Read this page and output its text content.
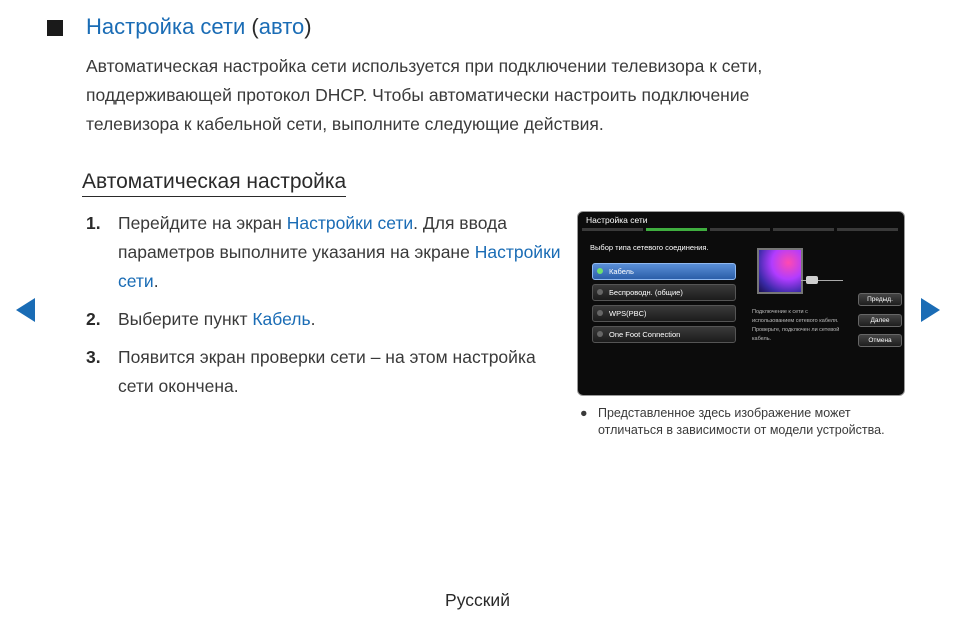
Настройка сети (авто)

Автоматическая настройка сети используется при подключении телевизора к сети, поддерживающей протокол DHCP. Чтобы автоматически настроить подключение телевизора к кабельной сети, выполните следующие действия.

Автоматическая настройка
1. Перейдите на экран Настройки сети. Для ввода параметров выполните указания на экране Настройки сети.
2. Выберите пункт Кабель.
3. Появится экран проверки сети – на этом настройка сети окончена.
Настройка сети
Выбор типа сетевого соединения.
Кабель
Беспроводн. (общие)
WPS(PBC)
One Foot Connection
Подключение к сети с использованием сетевого кабеля. Проверьте, подключен ли сетевой кабель.
Предыд.
Далее
Отмена

● Представленное здесь изображение может отличаться в зависимости от модели устройства.

Русский
